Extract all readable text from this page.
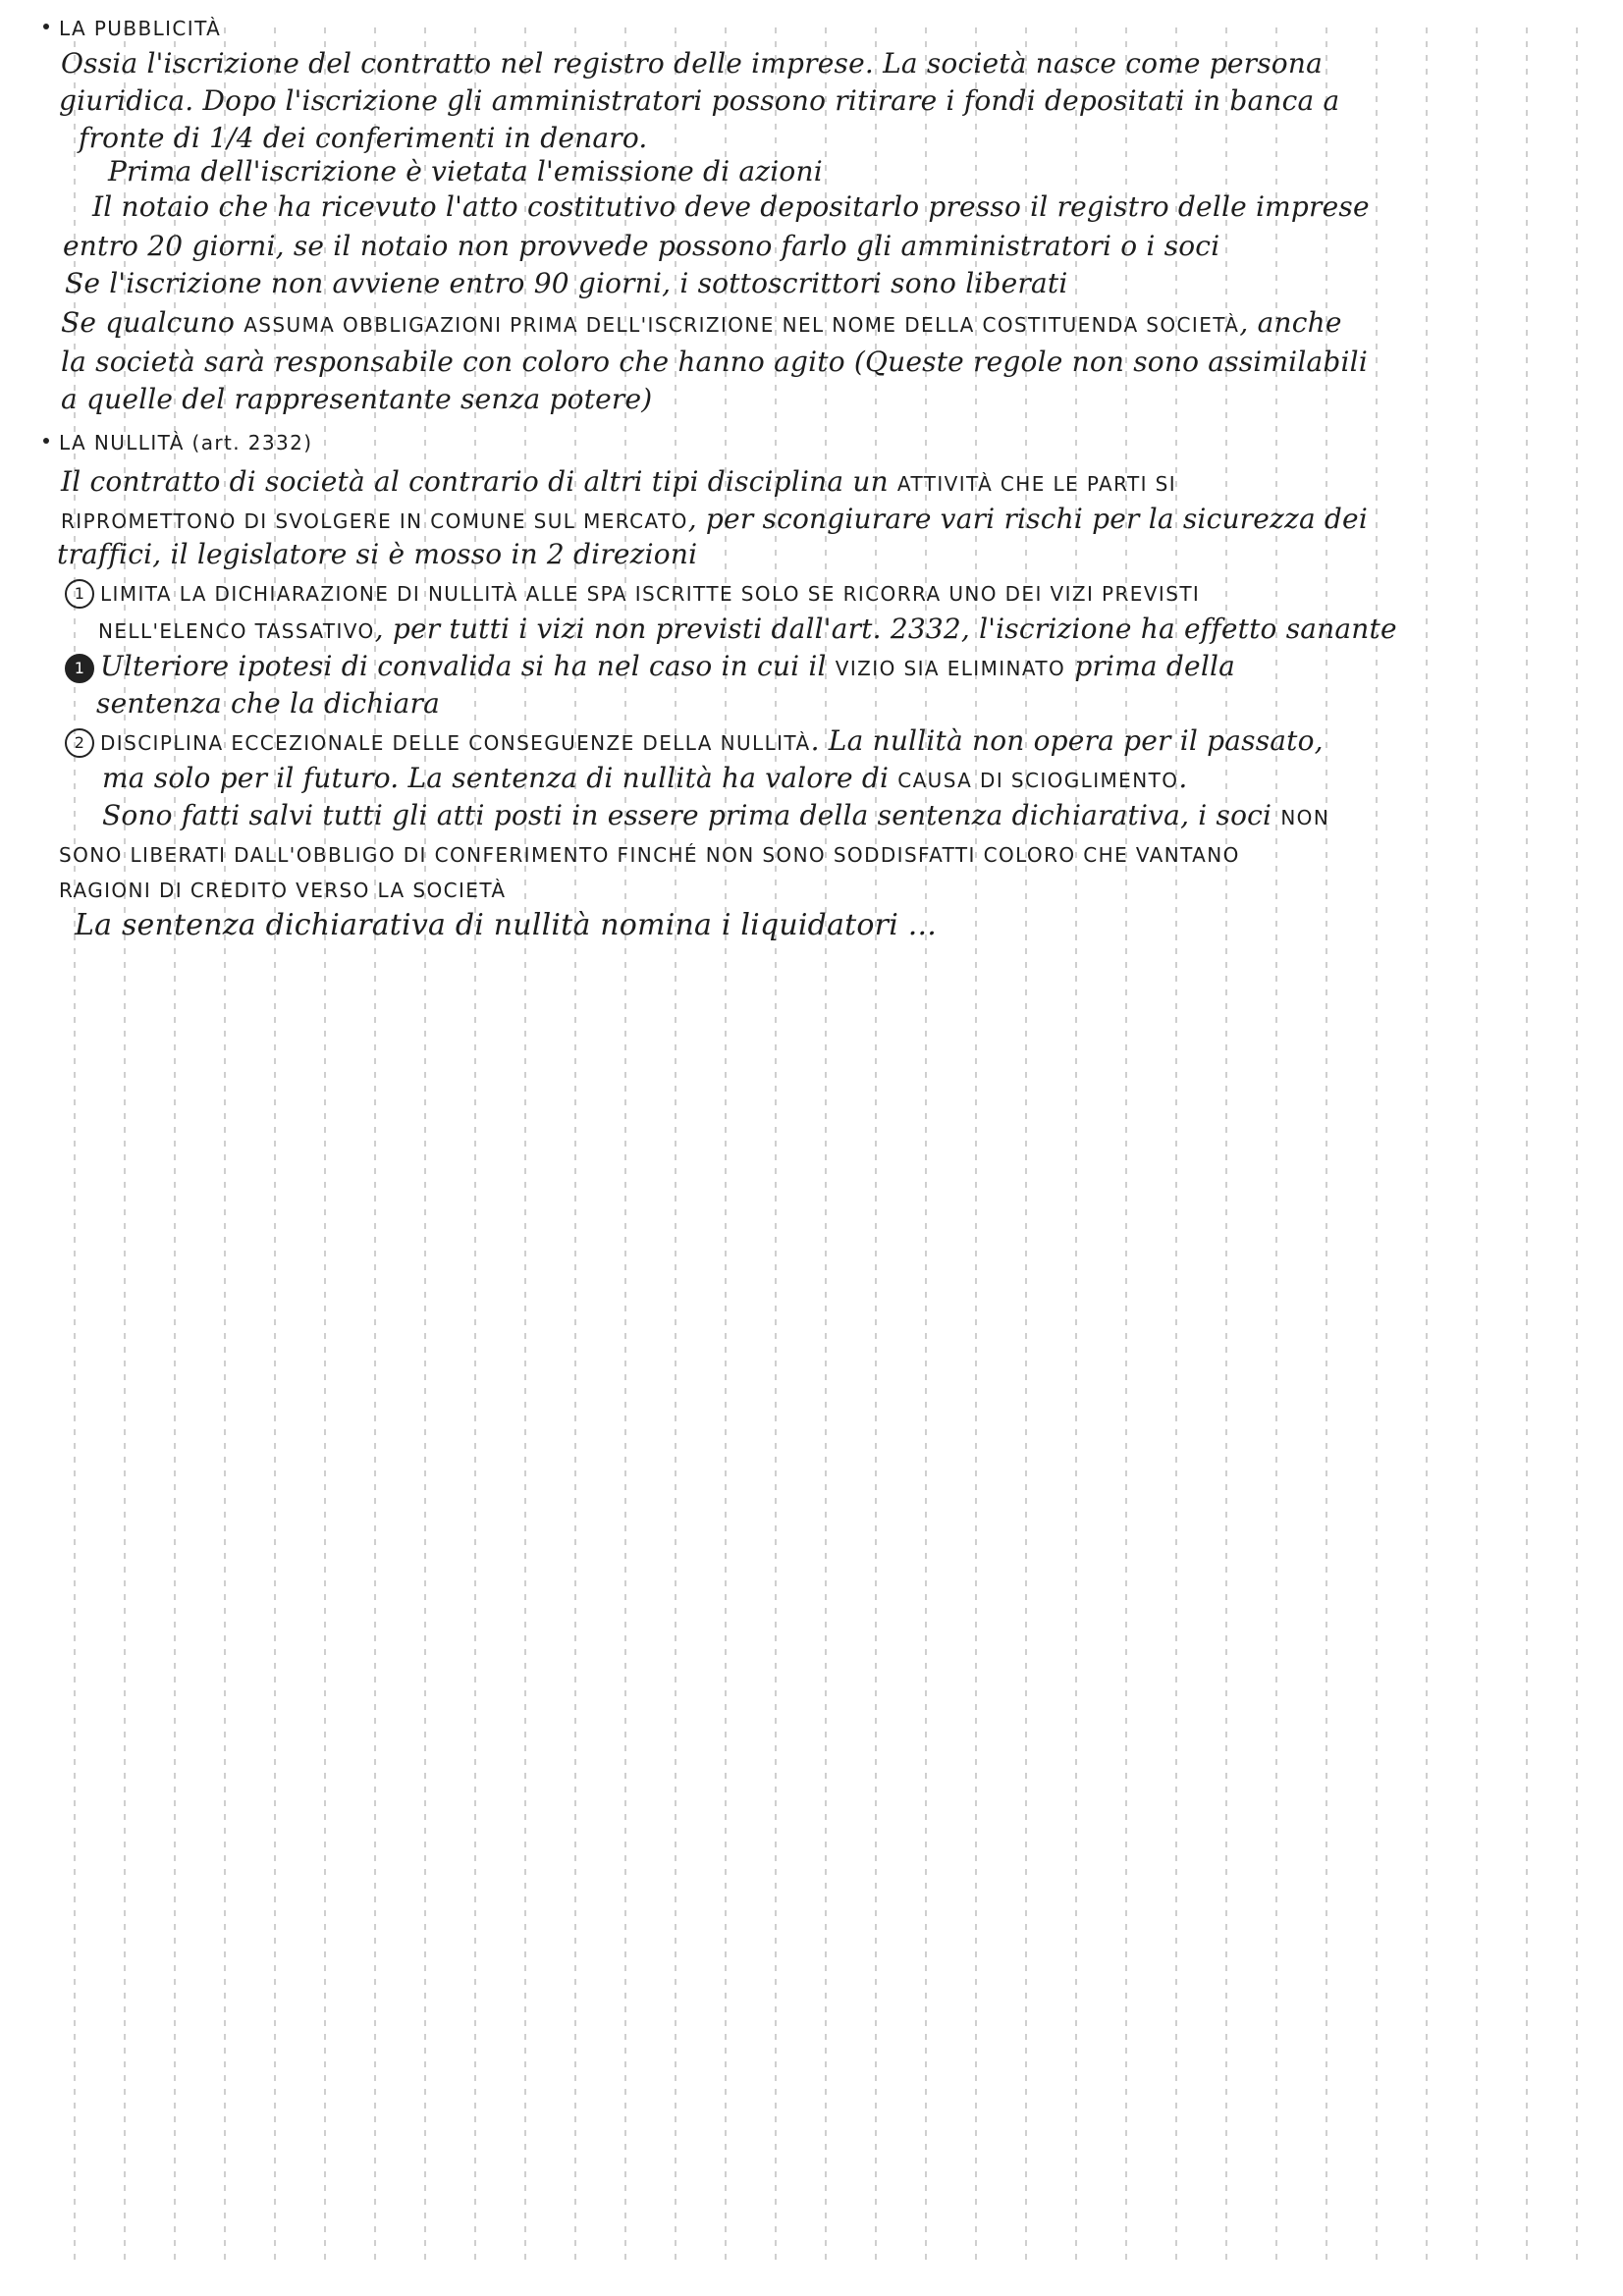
LA PUBBLICITÀ
Ossia l'iscrizione del contratto nel registro delle imprese. La società nasce come persona
giuridica. Dopo l'iscrizione gli amministratori possono ritirare i fondi depositati in banca a
fronte di 1/4 dei conferimenti in denaro.
Prima dell'iscrizione è vietata l'emissione di azioni
Il notaio che ha ricevuto l'atto costitutivo deve depositarlo presso il registro delle imprese
entro 20 giorni, se il notaio non provvede possono farlo gli amministratori o i soci
Se l'iscrizione non avviene entro 90 giorni, i sottoscrittori sono liberati
Se qualcuno ASSUMA OBBLIGAZIONI PRIMA DELL'ISCRIZIONE NEL NOME DELLA COSTITUENDA SOCIETÀ, anche
la società sarà responsabile con coloro che hanno agito (Queste regole non sono assimilabili
a quelle del rappresentante senza potere)
LA NULLITÀ (art. 2332)
Il contratto di società al contrario di altri tipi disciplina un ATTIVITÀ CHE LE PARTI SI
RIPROMETTONO DI SVOLGERE IN COMUNE SUL MERCATO, per scongiurare vari rischi per la sicurezza dei
traffici, il legislatore si è mosso in 2 direzioni
1 LIMITA LA DICHIARAZIONE DI NULLITÀ ALLE SPA ISCRITTE SOLO SE RICORRA UNO DEI VIZI PREVISTI
NELL'ELENCO TASSATIVO, per tutti i vizi non previsti dall'art. 2332, l'iscrizione ha effetto sanante
1 Ulteriore ipotesi di convalida si ha nel caso in cui il VIZIO SIA ELIMINATO prima della
sentenza che la dichiara
2 DISCIPLINA ECCEZIONALE DELLE CONSEGUENZE DELLA NULLITÀ. La nullità non opera per il passato,
ma solo per il futuro. La sentenza di nullità ha valore di CAUSA DI SCIOGLIMENTO.
Sono fatti salvi tutti gli atti posti in essere prima della sentenza dichiarativa, i soci NON
SONO LIBERATI DALL'OBBLIGO DI CONFERIMENTO FINCHÉ NON SONO SODDISFATTI COLORO CHE VANTANO
RAGIONI DI CREDITO VERSO LA SOCIETÀ
La sentenza dichiarativa di nullità nomina i liquidatori ...
